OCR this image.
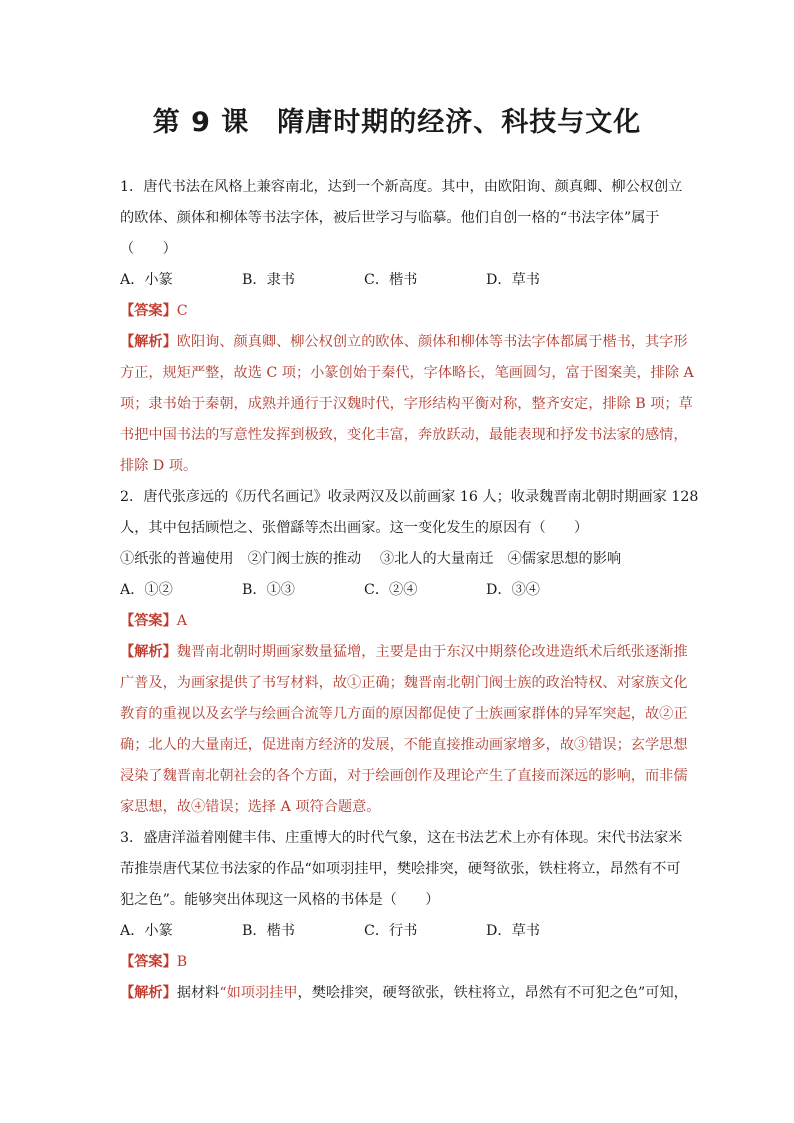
第 9 课　隋唐时期的经济、科技与文化
1．唐代书法在风格上兼容南北，达到一个新高度。其中，由欧阳询、颜真卿、柳公权创立
的欧体、颜体和柳体等书法字体，被后世学习与临摹。他们自创一格的“书法字体”属于
（　　）
A．小篆	B．隶书	C．楷书	D．草书
【答案】C
【解析】欧阳询、颜真卿、柳公权创立的欧体、颜体和柳体等书法字体都属于楷书，其字形
方正，规矩严整，故选 C 项；小篆创始于秦代，字体略长，笔画圆匀，富于图案美，排除 A
项；隶书始于秦朝，成熟并通行于汉魏时代，字形结构平衡对称，整齐安定，排除 B 项；草
书把中国书法的写意性发挥到极致，变化丰富，奔放跃动，最能表现和抒发书法家的感情，
排除 D 项。
2．唐代张彦远的《历代名画记》收录两汉及以前画家 16 人；收录魏晋南北朝时期画家 128
人，其中包括顾恺之、张僧繇等杰出画家。这一变化发生的原因有（　　）
①纸张的普遍使用　②门阀士族的推动　 ③北人的大量南迁　④儒家思想的影响
A．①②	B．①③	C．②④	D．③④
【答案】A
【解析】魏晋南北朝时期画家数量猛增，主要是由于东汉中期蔡伦改进造纸术后纸张逐渐推
广普及，为画家提供了书写材料，故①正确；魏晋南北朝门阀士族的政治特权、对家族文化
教育的重视以及玄学与绘画合流等几方面的原因都促使了士族画家群体的异军突起，故②正
确；北人的大量南迁，促进南方经济的发展，不能直接推动画家增多，故③错误；玄学思想
浸染了魏晋南北朝社会的各个方面，对于绘画创作及理论产生了直接而深远的影响，而非儒
家思想，故④错误；选择 A 项符合题意。
3．盛唐洋溢着刚健丰伟、庄重博大的时代气象，这在书法艺术上亦有体现。宋代书法家米
芾推崇唐代某位书法家的作品“如项羽挂甲，樊哙排突，硬弩欲张，铁柱将立，昂然有不可
犯之色”。能够突出体现这一风格的书体是（　　）
A．小篆	B．楷书	C．行书	D．草书
【答案】B
【解析】据材料“如项羽挂甲，樊哙排突，硬弩欲张，铁柱将立，昂然有不可犯之色”可知，
